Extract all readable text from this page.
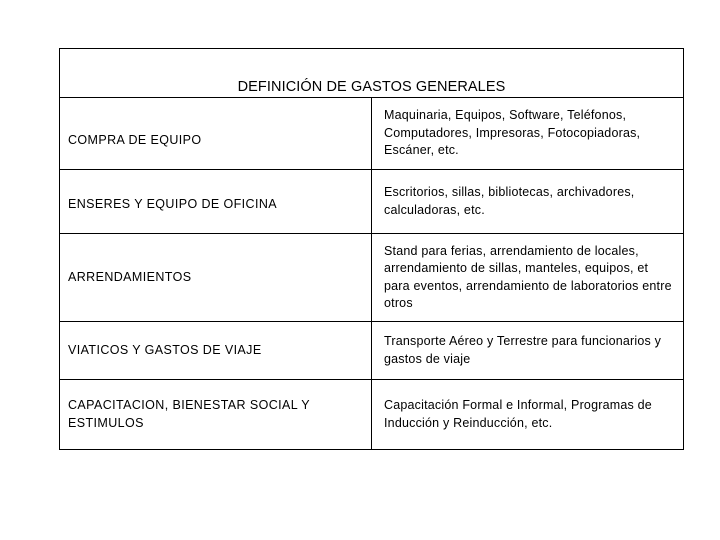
DEFINICIÓN DE GASTOS GENERALES	

COMPRA DE EQUIPO	Maquinaria, Equipos, Software, Teléfonos, Computadores, Impresoras, Fotocopiadoras, Escáner, etc.

ENSERES Y EQUIPO DE OFICINA	Escritorios, sillas, bibliotecas, archivadores, calculadoras, etc.

ARRENDAMIENTOS	Stand para ferias, arrendamiento de locales, arrendamiento de sillas, manteles, equipos, et para eventos, arrendamiento de laboratorios entre otros

VIATICOS Y GASTOS DE VIAJE	Transporte Aéreo y Terrestre para funcionarios y gastos de viaje

CAPACITACION, BIENESTAR SOCIAL Y ESTIMULOS	Capacitación Formal e Informal, Programas de Inducción y Reinducción, etc.
